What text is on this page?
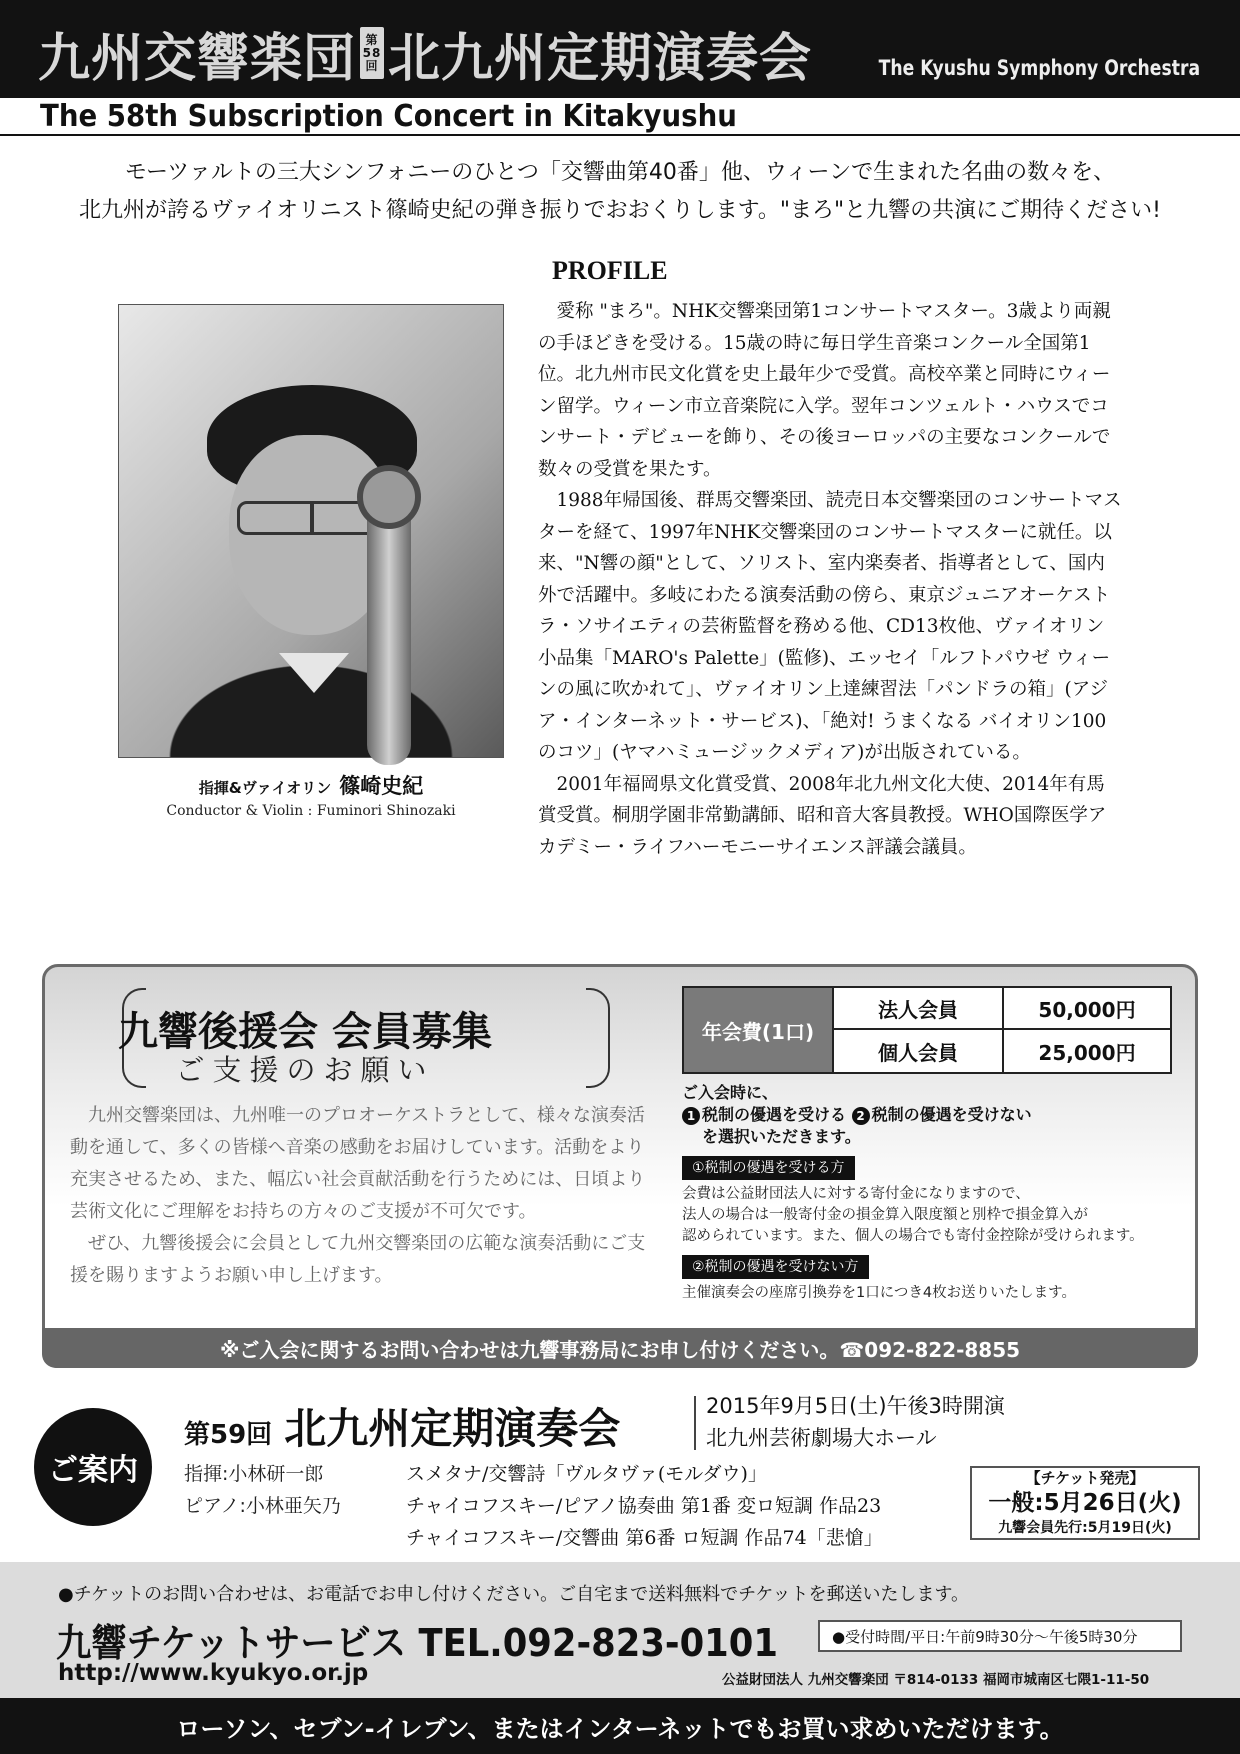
九州交響楽団 第
58
回 北九州定期演奏会	The Kyushu Symphony Orchestra
The 58th Subscription Concert in Kitakyushu
モーツァルトの三大シンフォニーのひとつ「交響曲第40番」他、ウィーンで生まれた名曲の数々を、
北九州が誇るヴァイオリニスト篠崎史紀の弾き振りでおおくりします。"まろ"と九響の共演にご期待ください!
指揮&ヴァイオリン 篠崎史紀
Conductor & Violin : Fuminori Shinozaki
PROFILE

愛称 "まろ"。NHK交響楽団第1コンサートマスター。3歳より両親の手ほどきを受ける。15歳の時に毎日学生音楽コンクール全国第1位。北九州市民文化賞を史上最年少で受賞。高校卒業と同時にウィーン留学。ウィーン市立音楽院に入学。翌年コンツェルト・ハウスでコンサート・デビューを飾り、その後ヨーロッパの主要なコンクールで数々の受賞を果たす。

1988年帰国後、群馬交響楽団、読売日本交響楽団のコンサートマスターを経て、1997年NHK交響楽団のコンサートマスターに就任。以来、"N響の顔"として、ソリスト、室内楽奏者、指導者として、国内外で活躍中。多岐にわたる演奏活動の傍ら、東京ジュニアオーケストラ・ソサイエティの芸術監督を務める他、CD13枚他、ヴァイオリン小品集「MARO's Palette」(監修)、エッセイ「ルフトパウゼ ウィーンの風に吹かれて」、ヴァイオリン上達練習法「パンドラの箱」(アジア・インターネット・サービス)、「絶対! うまくなる バイオリン100のコツ」(ヤマハミュージックメディア)が出版されている。

2001年福岡県文化賞受賞、2008年北九州文化大使、2014年有馬賞受賞。桐朋学園非常勤講師、昭和音大客員教授。WHO国際医学アカデミー・ライフハーモニーサイエンス評議会議員。

九響後援会 会員募集
ご支援のお願い

九州交響楽団は、九州唯一のプロオーケストラとして、様々な演奏活動を通して、多くの皆様へ音楽の感動をお届けしています。活動をより充実させるため、また、幅広い社会貢献活動を行うためには、日頃より芸術文化にご理解をお持ちの方々のご支援が不可欠です。

ぜひ、九響後援会に会員として九州交響楽団の広範な演奏活動にご支援を賜りますようお願い申し上げます。

年会費(1口)
法人会員	50,000円
個人会員	25,000円
ご入会時に、
1 税制の優遇を受ける 2 税制の優遇を受けない
を選択いただきます。
①税制の優遇を受ける方
会費は公益財団法人に対する寄付金になりますので、
法人の場合は一般寄付金の損金算入限度額と別枠で損金算入が
認められています。また、個人の場合でも寄付金控除が受けられます。
②税制の優遇を受けない方
主催演奏会の座席引換券を1口につき4枚お送りいたします。
※ご入会に関するお問い合わせは九響事務局にお申し付けください。☎092-822-8855
ご案内
第59回 北九州定期演奏会	2015年9月5日(土)午後3時開演
北九州芸術劇場大ホール
指揮:小林研一郎
ピアノ:小林亜矢乃
スメタナ/交響詩「ヴルタヴァ(モルダウ)」
チャイコフスキー/ピアノ協奏曲 第1番 変ロ短調 作品23
チャイコフスキー/交響曲 第6番 ロ短調 作品74「悲愴」
【チケット発売】
一般:5月26日(火)
九響会員先行:5月19日(火)
●チケットのお問い合わせは、お電話でお申し付けください。ご自宅まで送料無料でチケットを郵送いたします。
九響チケットサービス TEL.092-823-0101	●受付時間/平日:午前9時30分〜午後5時30分
http://www.kyukyo.or.jp	公益財団法人 九州交響楽団 〒814-0133 福岡市城南区七隈1-11-50
ローソン、セブン-イレブン、またはインターネットでもお買い求めいただけます。
